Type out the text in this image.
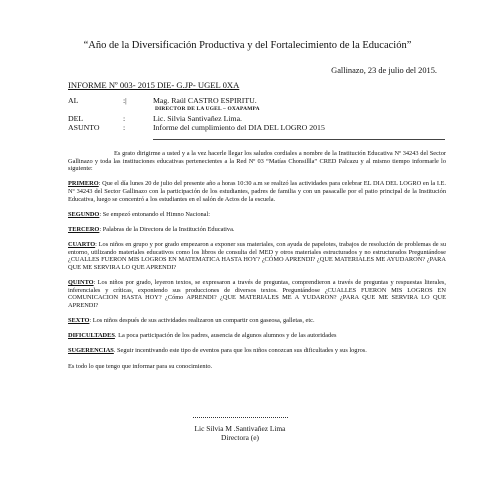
“Año de la Diversificación Productiva y del Fortalecimiento de la Educación”
Gallinazo, 23 de julio del 2015.
INFORME Nº 003- 2015 DIE- G.JP- UGEL 0XA
AL	:|	Mag. Raúl CASTRO ESPIRITU.
DIRECTOR DE LA UGEL – OXAPAMPA
DEL	:	Lic. Silvia Santivañez Lima.
ASUNTO	:	Informe del cumplimiento del DIA DEL LOGRO 2015

Es grato dirigirme a usted y a la vez hacerle llegar los saludos cordiales a nombre de la Institución Educativa Nº 34243 del Sector Gallinazo y toda las instituciones educativas pertenecientes a la Red Nº 03 “Matías Chonsillla” CRED Palcazu y al mismo tiempo informarle lo siguiente:

PRIMERO: Que el día lunes 20 de julio del presente año a horas 10:30 a.m se realizó las actividades para celebrar EL DIA DEL LOGRO en la I.E. Nº 34243 del Sector Gallinazo con la participación de los estudiantes, padres de familia y con un pasacalle por el patio principal de la Institución Educativa, luego se concentró a los estudiantes en el salón de Actos de la escuela.

SEGUNDO: Se empezó entonando el Himno Nacional:

TERCERO: Palabras de la Directora de la Institución Educativa.

CUARTO: Los niños en grupo y por grado empezaron a exponer sus materiales, con ayuda de papelotes, trabajos de resolución de problemas de su entorno, utilizando materiales educativos como los libros de consulta del MED y otros materiales estructurados y no estructurados Preguntándose ¿CUALLES FUERON MIS LOGROS EN MATEMATICA HASTA HOY? ¿CÓMO APRENDI? ¿QUE MATERIALES ME AYUDARON? ¿PARA QUE ME SERVIRA LO QUE APRENDI?

QUINTO: Los niños por grado, leyeron textos, se expresaron a través de preguntas, comprendieron a través de preguntas y respuestas literales, inferenciales y críticas, exponiendo sus producciones de diversos textos. Preguntándose ¿CUALLES FUERON MIS LOGROS EN COMUNICACION HASTA HOY? ¿Cómo APRENDI? ¿QUE MATERIALES ME A YUDARON? ¿PARA QUE ME SERVIRA LO QUE APRENDI?

SEXTO: Los niños después de sus actividades realizaron un compartir con gaseosa, galletas, etc.

DIFICULTADES. La poca participación de los padres, ausencia de algunos alumnos y de las autoridades

SUGERENCIAS. Seguir incentivando este tipo de eventos para que los niños conozcan sus dificultades y sus logros.

Es todo lo que tengo que informar para su conocimiento.

Lic Silvia M .Santivañez Lima
Directora (e)
